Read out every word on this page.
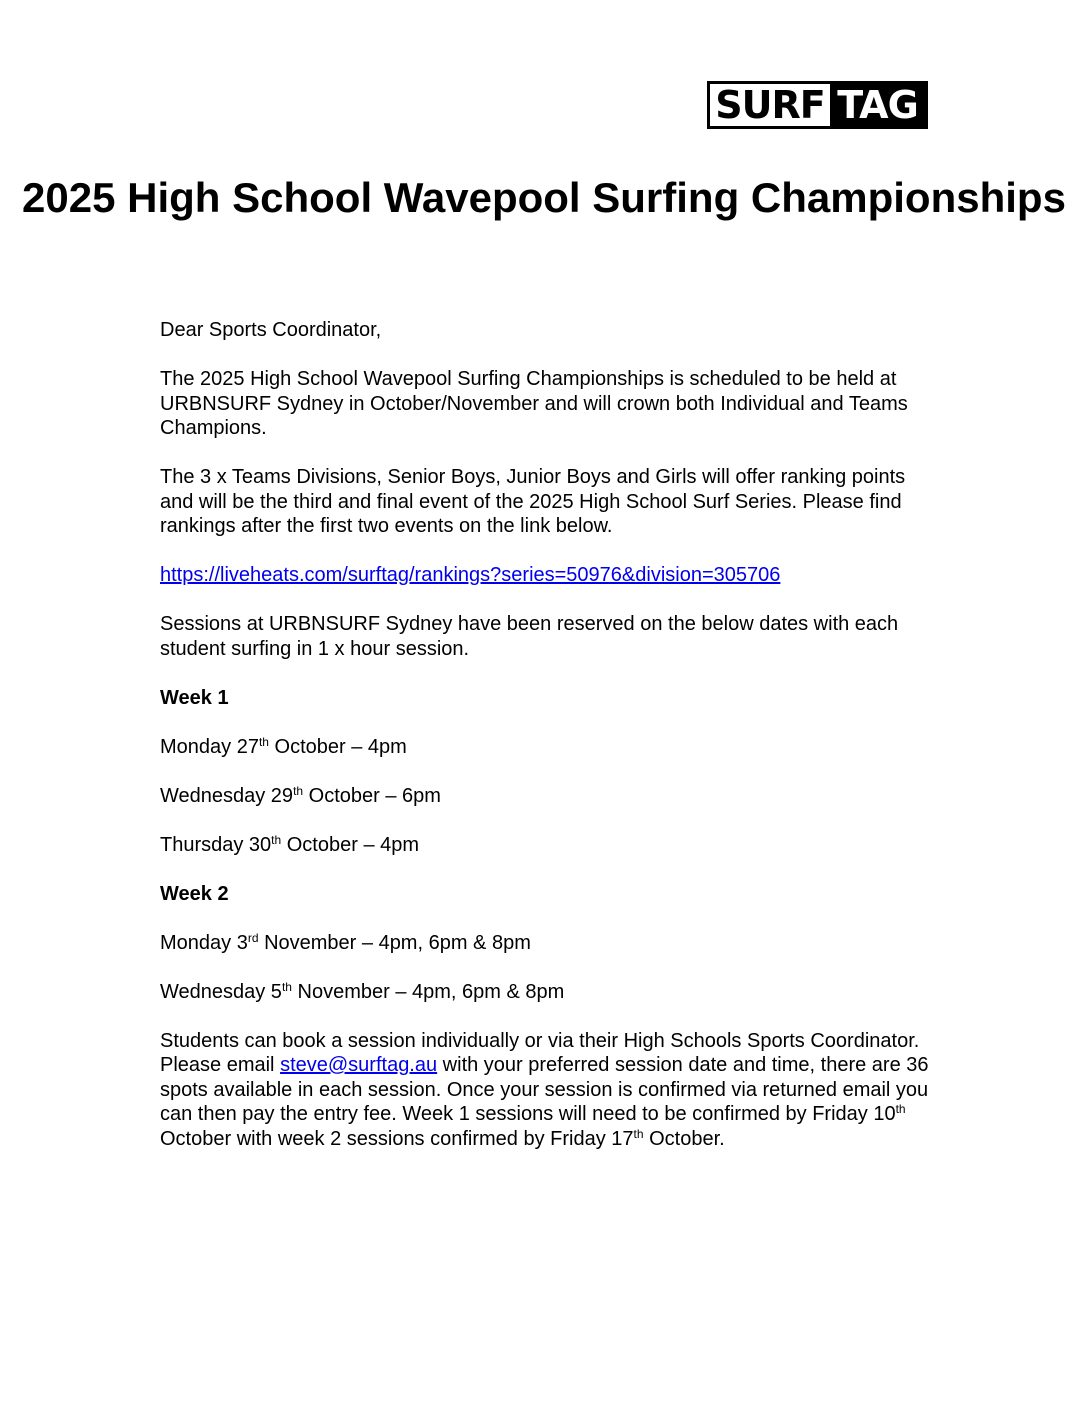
SURF TAG
2025 High School Wavepool Surfing Championships

Dear Sports Coordinator,

The 2025 High School Wavepool Surfing Championships is scheduled to be held at URBNSURF Sydney in October/November and will crown both Individual and Teams Champions.

The 3 x Teams Divisions, Senior Boys, Junior Boys and Girls will offer ranking points and will be the third and final event of the 2025 High School Surf Series. Please find rankings after the first two events on the link below.

https://liveheats.com/surftag/rankings?series=50976&division=305706

Sessions at URBNSURF Sydney have been reserved on the below dates with each student surfing in 1 x hour session.

Week 1

Monday 27th October – 4pm

Wednesday 29th October – 6pm

Thursday 30th October – 4pm

Week 2

Monday 3rd November – 4pm, 6pm & 8pm

Wednesday 5th November – 4pm, 6pm & 8pm

Students can book a session individually or via their High Schools Sports Coordinator. Please email steve@surftag.au with your preferred session date and time, there are 36 spots available in each session. Once your session is confirmed via returned email you can then pay the entry fee. Week 1 sessions will need to be confirmed by Friday 10th October with week 2 sessions confirmed by Friday 17th October.
